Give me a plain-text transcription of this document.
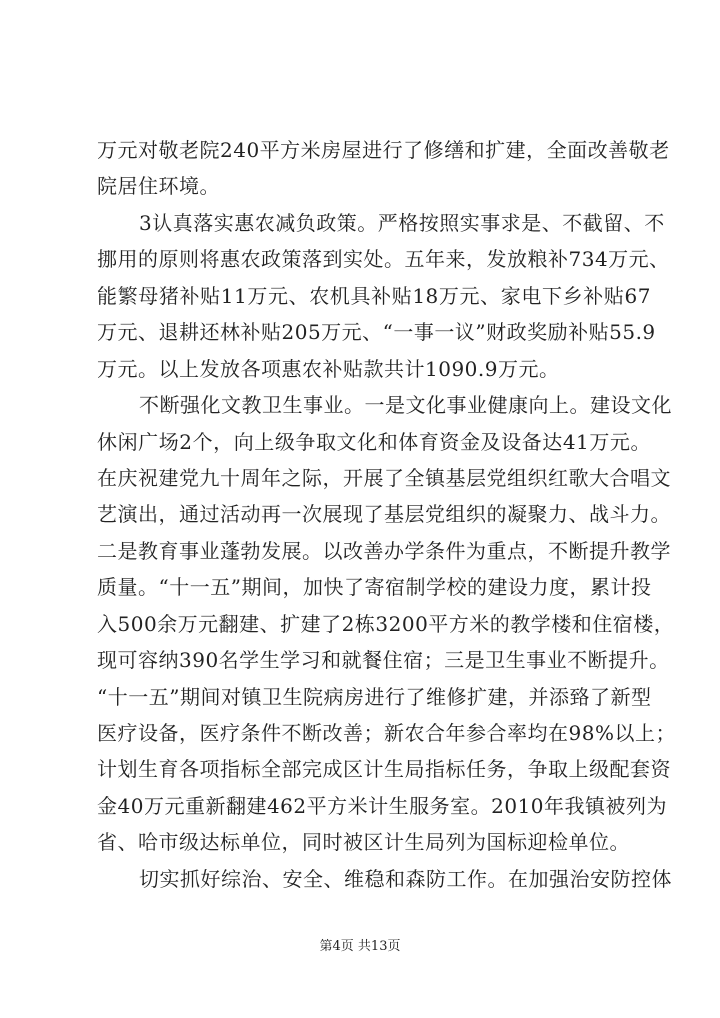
万元对敬老院240平方米房屋进行了修缮和扩建，全面改善敬老
院居住环境。
3认真落实惠农减负政策。严格按照实事求是、不截留、不
挪用的原则将惠农政策落到实处。五年来，发放粮补734万元、
能繁母猪补贴11万元、农机具补贴18万元、家电下乡补贴67
万元、退耕还林补贴205万元、“一事一议”财政奖励补贴55.9
万元。以上发放各项惠农补贴款共计1090.9万元。
不断强化文教卫生事业。一是文化事业健康向上。建设文化
休闲广场2个，向上级争取文化和体育资金及设备达41万元。
在庆祝建党九十周年之际，开展了全镇基层党组织红歌大合唱文
艺演出，通过活动再一次展现了基层党组织的凝聚力、战斗力。
二是教育事业蓬勃发展。以改善办学条件为重点，不断提升教学
质量。“十一五”期间，加快了寄宿制学校的建设力度，累计投
入500余万元翻建、扩建了2栋3200平方米的教学楼和住宿楼，
现可容纳390名学生学习和就餐住宿；三是卫生事业不断提升。
“十一五”期间对镇卫生院病房进行了维修扩建，并添臵了新型
医疗设备，医疗条件不断改善；新农合年参合率均在98%以上；
计划生育各项指标全部完成区计生局指标任务，争取上级配套资
金40万元重新翻建462平方米计生服务室。2010年我镇被列为
省、哈市级达标单位，同时被区计生局列为国标迎检单位。
切实抓好综治、安全、维稳和森防工作。在加强治安防控体
第4页 共13页
